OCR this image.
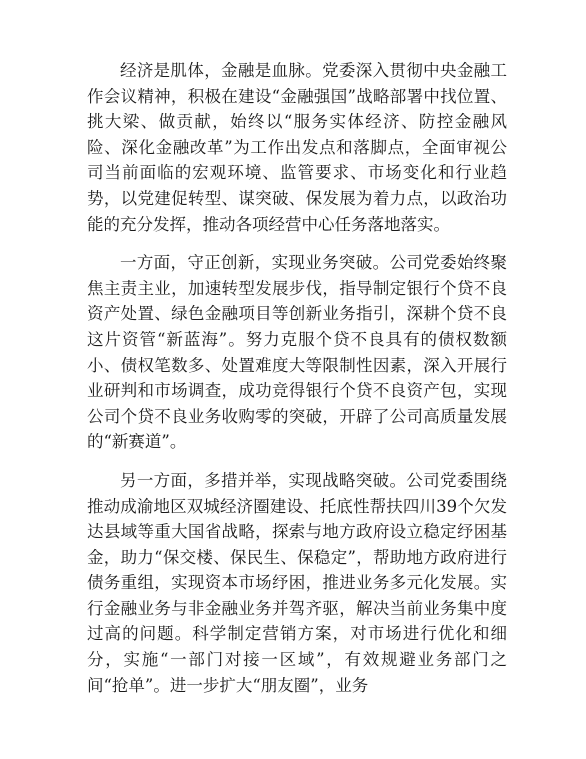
经济是肌体，金融是血脉。党委深入贯彻中央金融工作会议精神，积极在建设“金融强国”战略部署中找位置、挑大梁、做贡献，始终以“服务实体经济、防控金融风险、深化金融改革”为工作出发点和落脚点，全面审视公司当前面临的宏观环境、监管要求、市场变化和行业趋势，以党建促转型、谋突破、保发展为着力点，以政治功能的充分发挥，推动各项经营中心任务落地落实。

一方面，守正创新，实现业务突破。公司党委始终聚焦主责主业，加速转型发展步伐，指导制定银行个贷不良资产处置、绿色金融项目等创新业务指引，深耕个贷不良这片资管“新蓝海”。努力克服个贷不良具有的债权数额小、债权笔数多、处置难度大等限制性因素，深入开展行业研判和市场调查，成功竞得银行个贷不良资产包，实现公司个贷不良业务收购零的突破，开辟了公司高质量发展的“新赛道”。

另一方面，多措并举，实现战略突破。公司党委围绕推动成渝地区双城经济圈建设、托底性帮扶四川39个欠发达县域等重大国省战略，探索与地方政府设立稳定纾困基金，助力“保交楼、保民生、保稳定”，帮助地方政府进行债务重组，实现资本市场纾困，推进业务多元化发展。实行金融业务与非金融业务并驾齐驱，解决当前业务集中度过高的问题。科学制定营销方案，对市场进行优化和细分，实施“一部门对接一区域”，有效规避业务部门之间“抢单”。进一步扩大“朋友圈”，业务
